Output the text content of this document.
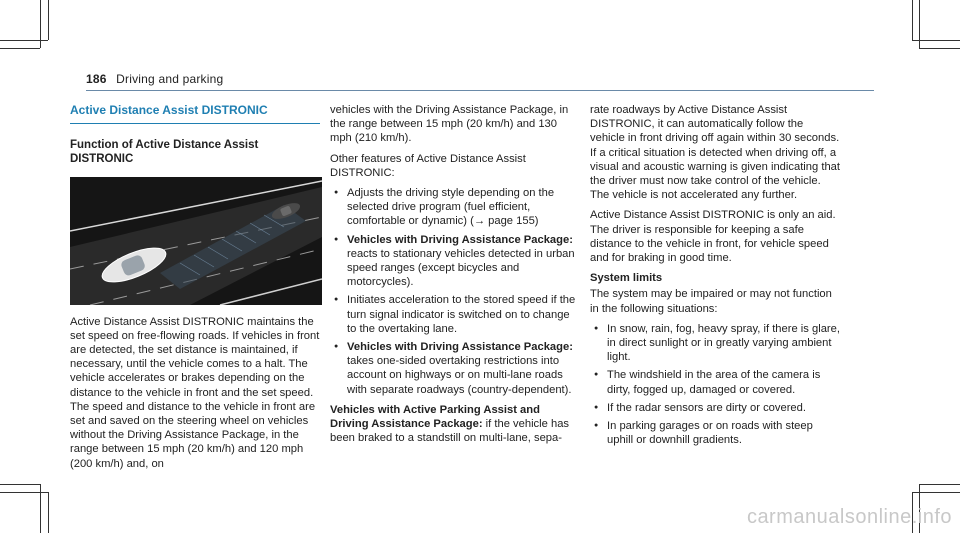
186 Driving and parking

Active Distance Assist DISTRONIC

Function of Active Distance Assist DISTRONIC

Active Distance Assist DISTRONIC maintains the set speed on free-flowing roads. If vehicles in front are detected, the set distance is maintained, if necessary, until the vehicle comes to a halt. The vehicle accelerates or brakes depending on the distance to the vehicle in front and the set speed. The speed and distance to the vehicle in front are set and saved on the steering wheel on vehicles without the Driving Assistance Package, in the range between 15 mph (20 km/h) and 120 mph (200 km/h) and, on

vehicles with the Driving Assistance Package, in the range between 15 mph (20 km/h) and 130 mph (210 km/h).

Other features of Active Distance Assist DISTRONIC:

● Adjusts the driving style depending on the selected drive program (fuel efficient, comfortable or dynamic) (→ page 155)
● Vehicles with Driving Assistance Package: reacts to stationary vehicles detected in urban speed ranges (except bicycles and motorcycles).
● Initiates acceleration to the stored speed if the turn signal indicator is switched on to change to the overtaking lane.
● Vehicles with Driving Assistance Package: takes one-sided overtaking restrictions into account on highways or on multi-lane roads with separate roadways (country-dependent).

Vehicles with Active Parking Assist and Driving Assistance Package: if the vehicle has been braked to a standstill on multi-lane, sepa-

rate roadways by Active Distance Assist DISTRONIC, it can automatically follow the vehicle in front driving off again within 30 seconds. If a critical situation is detected when driving off, a visual and acoustic warning is given indicating that the driver must now take control of the vehicle. The vehicle is not accelerated any further.

Active Distance Assist DISTRONIC is only an aid. The driver is responsible for keeping a safe distance to the vehicle in front, for vehicle speed and for braking in good time.

System limits

The system may be impaired or may not function in the following situations:

● In snow, rain, fog, heavy spray, if there is glare, in direct sunlight or in greatly varying ambient light.
● The windshield in the area of the camera is dirty, fogged up, damaged or covered.
● If the radar sensors are dirty or covered.
● In parking garages or on roads with steep uphill or downhill gradients.
carmanualsonline.info
